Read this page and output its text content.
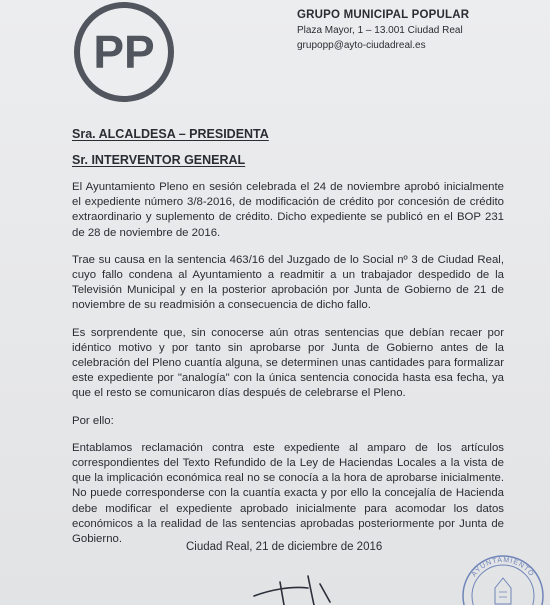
PP
GRUPO MUNICIPAL POPULAR
Plaza Mayor, 1 – 13.001 Ciudad Real
grupopp@ayto-ciudadreal.es
Sra. ALCALDESA – PRESIDENTA
Sr. INTERVENTOR GENERAL

El Ayuntamiento Pleno en sesión celebrada el 24 de noviembre aprobó inicialmente el expediente número 3/8-2016, de modificación de crédito por concesión de crédito extraordinario y suplemento de crédito. Dicho expediente se publicó en el BOP 231 de 28 de noviembre de 2016.

Trae su causa en la sentencia 463/16 del Juzgado de lo Social nº 3 de Ciudad Real, cuyo fallo condena al Ayuntamiento a readmitir a un trabajador despedido de la Televisión Municipal y en la posterior aprobación por Junta de Gobierno de 21 de noviembre de su readmisión a consecuencia de dicho fallo.

Es sorprendente que, sin conocerse aún otras sentencias que debían recaer por idéntico motivo y por tanto sin aprobarse por Junta de Gobierno antes de la celebración del Pleno cuantía alguna, se determinen unas cantidades para formalizar este expediente por "analogía" con la única sentencia conocida hasta esa fecha, ya que el resto se comunicaron días después de celebrarse el Pleno.

Por ello:

Entablamos reclamación contra este expediente al amparo de los artículos correspondientes del Texto Refundido de la Ley de Haciendas Locales a la vista de que la implicación económica real no se conocía a la hora de aprobarse inicialmente. No puede corresponderse con la cuantía exacta y por ello la concejalía de Hacienda debe modificar el expediente aprobado inicialmente para acomodar los datos económicos a la realidad de las sentencias aprobadas posteriormente por Junta de Gobierno.

Ciudad Real, 21 de diciembre de 2016
AYUNTAMIENTO
